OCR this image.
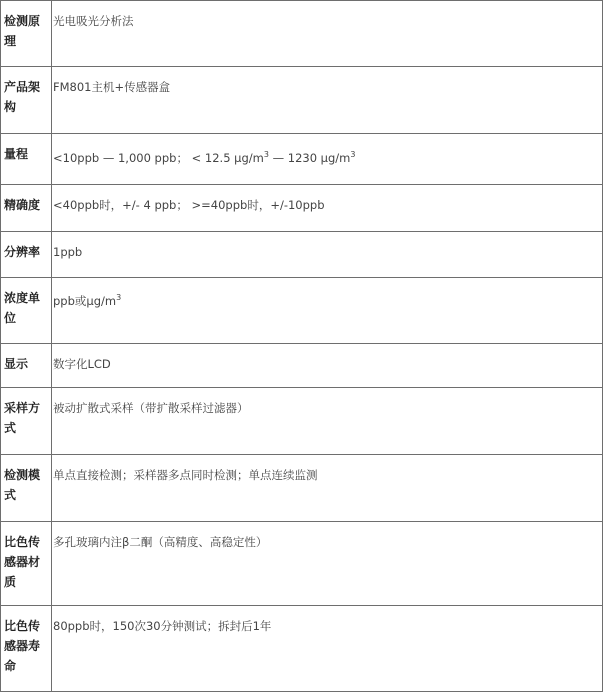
检测原理	光电吸光分析法
产品架构	FM801主机+传感器盒
量程	<10ppb — 1,000 ppb； < 12.5 $\mu g/m^3$ — 1230 $\mu g/m^3$
精确度	<40ppb时，+/- 4 ppb； >=40ppb时，+/-10ppb
分辨率	1ppb
浓度单位	ppb或$\mu g/m^3$
显示	数字化LCD
采样方式	被动扩散式采样（带扩散采样过滤器）
检测模式	单点直接检测；采样器多点同时检测；单点连续监测
比色传感器材质	多孔玻璃内注β二酮（高精度、高稳定性）
比色传感器寿命	80ppb时，150次30分钟测试；拆封后1年
